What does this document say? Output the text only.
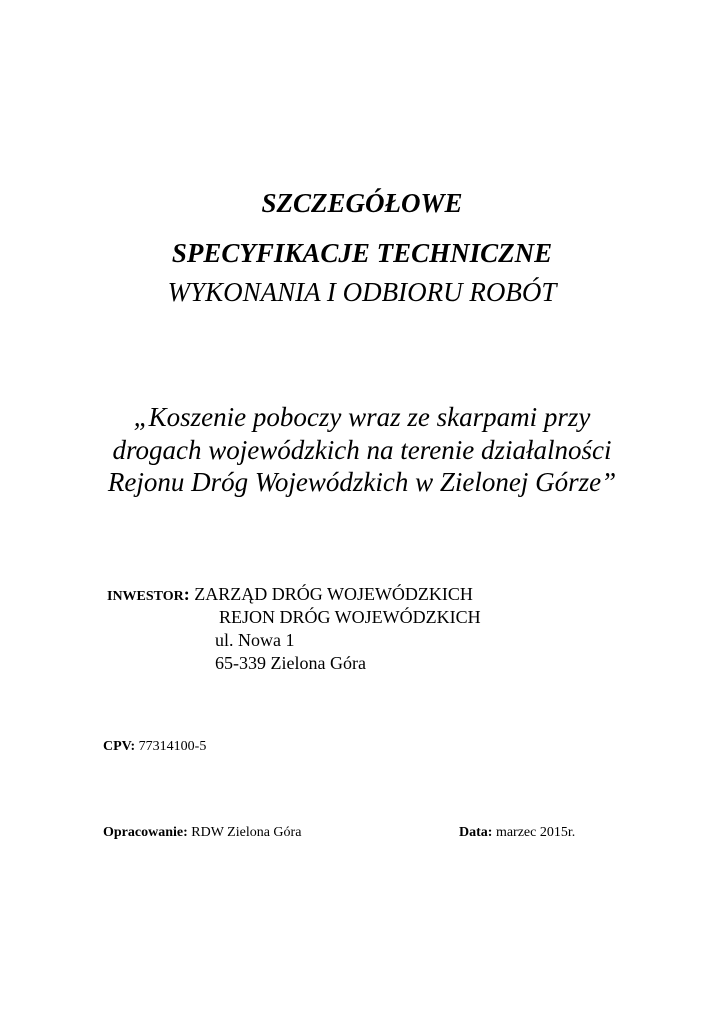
SZCZEGÓŁOWE
SPECYFIKACJE TECHNICZNE
WYKONANIA I ODBIORU ROBÓT
„Koszenie poboczy wraz ze skarpami przy
drogach wojewódzkich na terenie działalności
Rejonu Dróg Wojewódzkich w Zielonej Górze”
INWESTOR: ZARZĄD DRÓG WOJEWÓDZKICH
REJON DRÓG WOJEWÓDZKICH
ul. Nowa 1
65-339 Zielona Góra
CPV: 77314100-5
Opracowanie: RDW Zielona Góra	Data: marzec 2015r.
